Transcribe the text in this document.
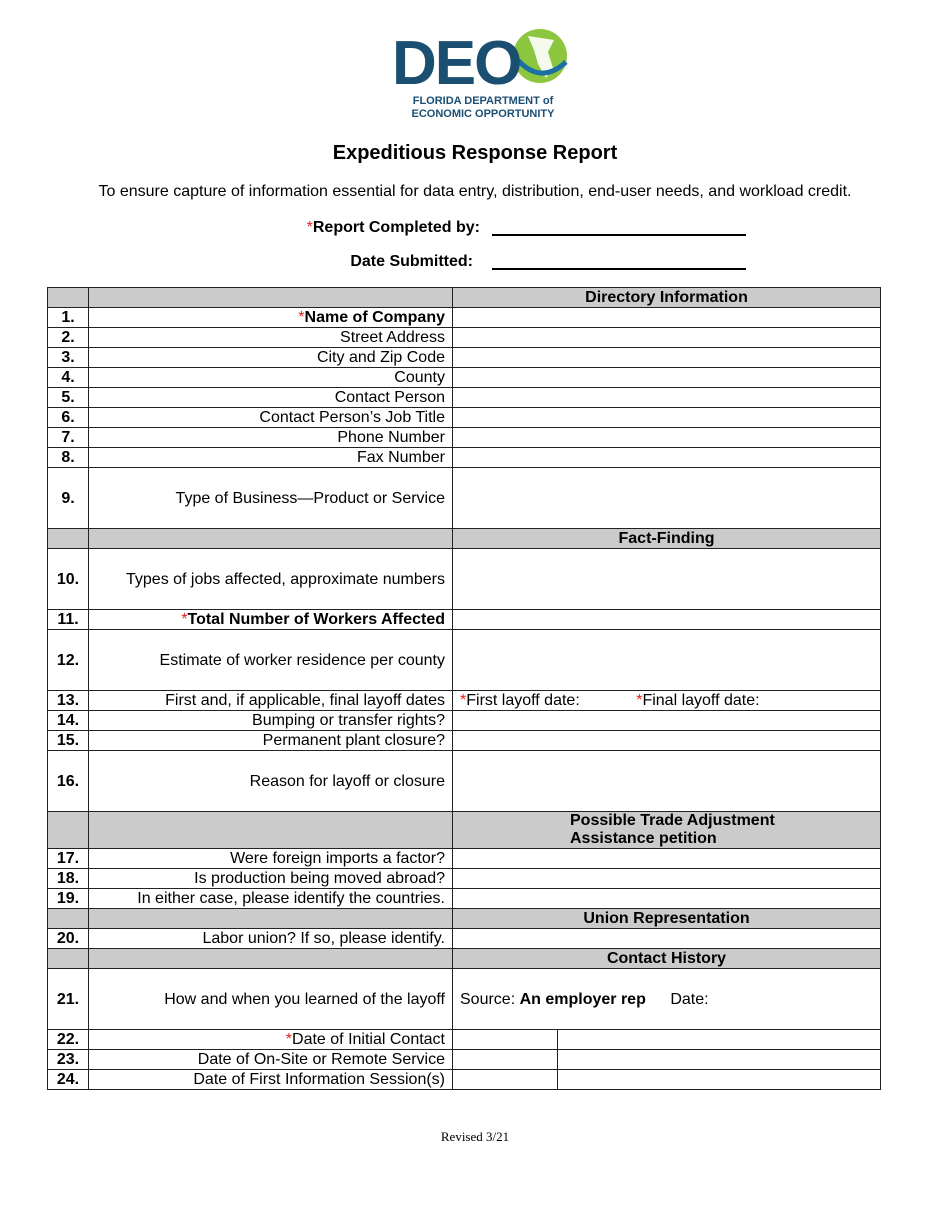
DEO
FLORIDA DEPARTMENT of
ECONOMIC OPPORTUNITY
Expeditious Response Report
To ensure capture of information essential for data entry, distribution, end-user needs, and workload credit.
*Report Completed by:
Date Submitted:
		Directory Information	
1.	*Name of Company		
2.	Street Address		
3.	City and Zip Code		
4.	County		
5.	Contact Person		
6.	Contact Person’s Job Title		
7.	Phone Number		
8.	Fax Number		
9.	Type of Business—Product or Service		
		Fact-Finding	
10.	Types of jobs affected, approximate numbers		
11.	*Total Number of Workers Affected		
12.	Estimate of worker residence per county		
13.	First and, if applicable, final layoff dates	*First layoff date: *Final layoff date:	
14.	Bumping or transfer rights?		
15.	Permanent plant closure?		
16.	Reason for layoff or closure		
		Possible Trade Adjustment
Assistance petition	
17.	Were foreign imports a factor?		
18.	Is production being moved abroad?		
19.	In either case, please identify the countries.		
		Union Representation	
20.	Labor union? If so, please identify.		
		Contact History	
21.	How and when you learned of the layoff	Source: An employer rep Date:	
22.	*Date of Initial Contact		
23.	Date of On-Site or Remote Service		
24.	Date of First Information Session(s)		
Revised 3/21
